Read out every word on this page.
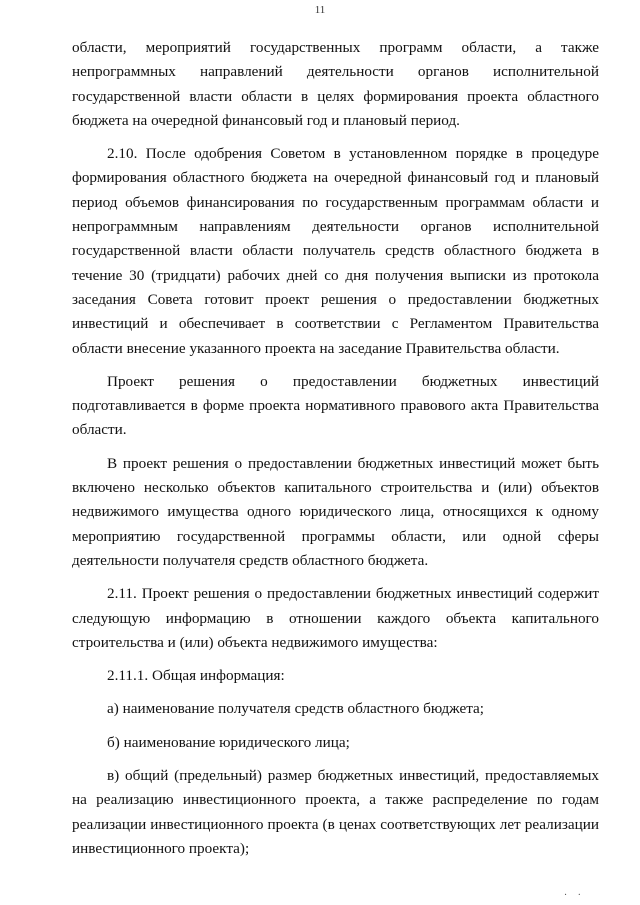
11

области, мероприятий государственных программ области, а также непрограммных направлений деятельности органов исполнительной государственной власти области в целях формирования проекта областного бюджета на очередной финансовый год и плановый период.

2.10. После одобрения Советом в установленном порядке в процедуре формирования областного бюджета на очередной финансовый год и плановый период объемов финансирования по государственным программам области и непрограммным направлениям деятельности органов исполнительной государственной власти области получатель средств областного бюджета в течение 30 (тридцати) рабочих дней со дня получения выписки из протокола заседания Совета готовит проект решения о предоставлении бюджетных инвестиций и обеспечивает в соответствии с Регламентом Правительства области внесение указанного проекта на заседание Правительства области.

Проект решения о предоставлении бюджетных инвестиций подготавливается в форме проекта нормативного правового акта Правительства области.

В проект решения о предоставлении бюджетных инвестиций может быть включено несколько объектов капитального строительства и (или) объектов недвижимого имущества одного юридического лица, относящихся к одному мероприятию государственной программы области, или одной сферы деятельности получателя средств областного бюджета.

2.11. Проект решения о предоставлении бюджетных инвестиций содержит следующую информацию в отношении каждого объекта капитального строительства и (или) объекта недвижимого имущества:

2.11.1. Общая информация:

а) наименование получателя средств областного бюджета;

б) наименование юридического лица;

в) общий (предельный) размер бюджетных инвестиций, предоставляемых на реализацию инвестиционного проекта, а также распределение по годам реализации инвестиционного проекта (в ценах соответствующих лет реализации инвестиционного проекта);

· ·
